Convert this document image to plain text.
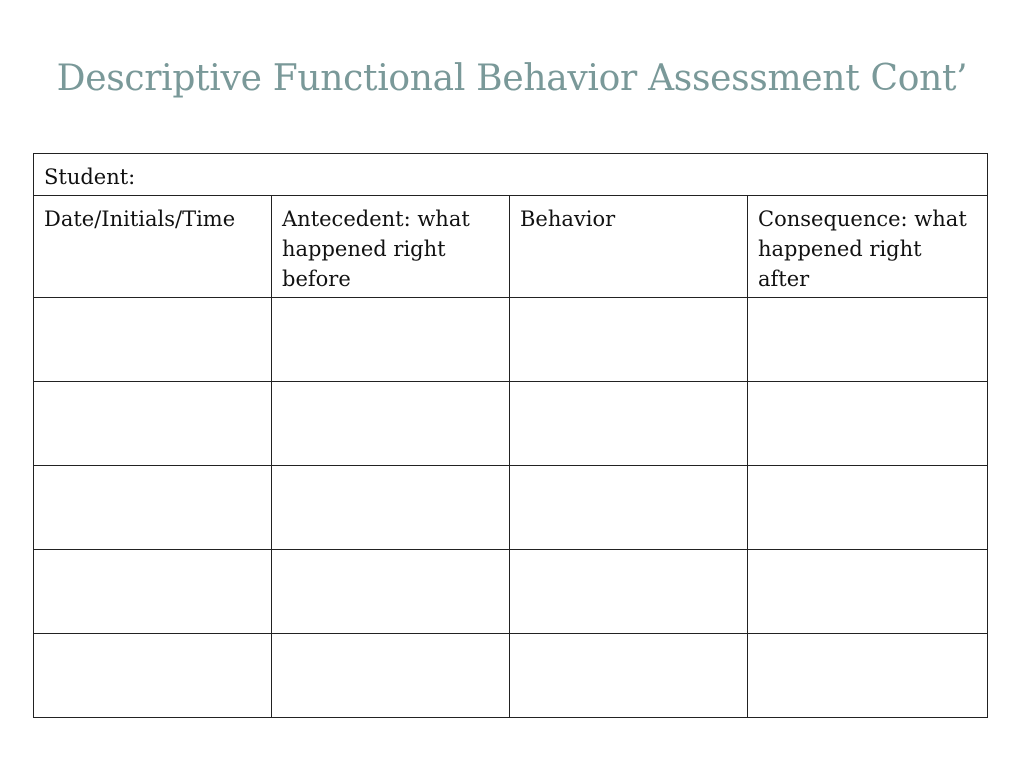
Descriptive Functional Behavior Assessment Cont’
Student:			
Date/Initials/Time	Antecedent: what happened right before	Behavior	Consequence: what happened right after
